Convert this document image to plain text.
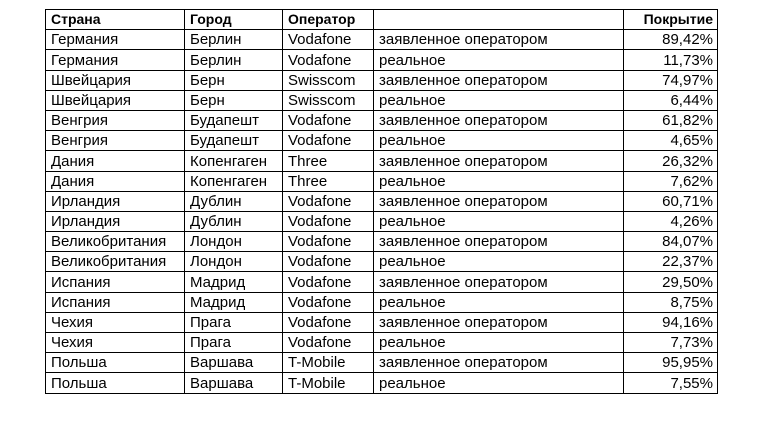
Страна	Город	Оператор		Покрытие
Германия	Берлин	Vodafone	заявленное оператором	89,42%
Германия	Берлин	Vodafone	реальное	11,73%
Швейцария	Берн	Swisscom	заявленное оператором	74,97%
Швейцария	Берн	Swisscom	реальное	6,44%
Венгрия	Будапешт	Vodafone	заявленное оператором	61,82%
Венгрия	Будапешт	Vodafone	реальное	4,65%
Дания	Копенгаген	Three	заявленное оператором	26,32%
Дания	Копенгаген	Three	реальное	7,62%
Ирландия	Дублин	Vodafone	заявленное оператором	60,71%
Ирландия	Дублин	Vodafone	реальное	4,26%
Великобритания	Лондон	Vodafone	заявленное оператором	84,07%
Великобритания	Лондон	Vodafone	реальное	22,37%
Испания	Мадрид	Vodafone	заявленное оператором	29,50%
Испания	Мадрид	Vodafone	реальное	8,75%
Чехия	Прага	Vodafone	заявленное оператором	94,16%
Чехия	Прага	Vodafone	реальное	7,73%
Польша	Варшава	T-Mobile	заявленное оператором	95,95%
Польша	Варшава	T-Mobile	реальное	7,55%
